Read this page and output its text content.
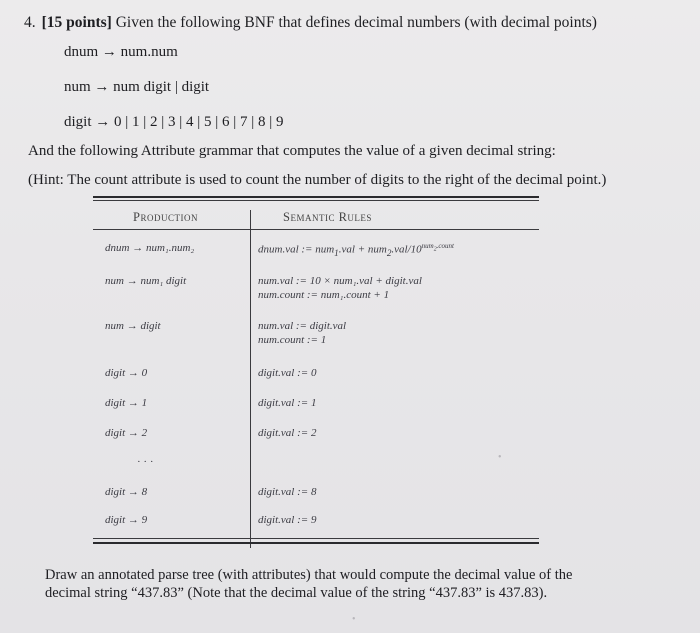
4. [15 points] Given the following BNF that defines decimal numbers (with decimal points)
dnum → num.num
num → num digit | digit
digit → 0 | 1 | 2 | 3 | 4 | 5 | 6 | 7 | 8 | 9
And the following Attribute grammar that computes the value of a given decimal string:
(Hint: The count attribute is used to count the number of digits to the right of the decimal point.)
Production	Semantic Rules
dnum → num₁.num₂	dnum.val := $num_1.val + num_2.val/10^{num_2.count}$
num → num₁ digit	num.val := 10 × num₁.val + digit.val
num.count := num₁.count + 1
num → digit	num.val := digit.val
num.count := 1
digit → 0	digit.val := 0
digit → 1	digit.val := 1
digit → 2	digit.val := 2
· · ·
digit → 8	digit.val := 8
digit → 9	digit.val := 9
Draw an annotated parse tree (with attributes) that would compute the decimal value of the
decimal string “437.83” (Note that the decimal value of the string “437.83” is 437.83).
•
•
